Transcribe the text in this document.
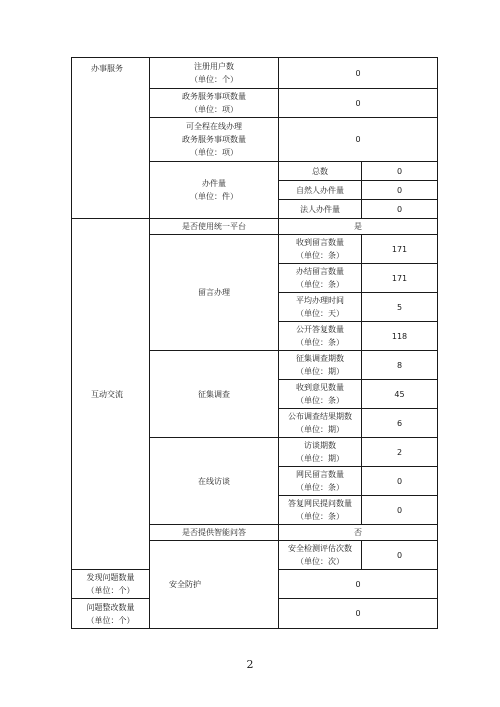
办事服务	注册用户数
（单位：个）	0	

	政务服务事项数量
（单位：项）	0	

	可全程在线办理
政务服务事项数量
（单位：项）	0	

	办件量
（单位：件）	总数	0
		自然人办件量	0
		法人办件量	0
互动交流	是否使用统一平台	是	
	留言办理	收到留言数量
（单位：条）	171

		办结留言数量
（单位：条）	171

		平均办理时间
（单位：天）	5

		公开答复数量
（单位：条）	118
	征集调查	征集调查期数
（单位：期）	8

		收到意见数量
（单位：条）	45

		公布调查结果期数
（单位：期）	6
	在线访谈	访谈期数
（单位：期）	2

		网民留言数量
（单位：条）	0

		答复网民提问数量
（单位：条）	0
	是否提供智能问答	否	
	安全防护	安全检测评估次数
（单位：次）	0

发现问题数量
（单位：个）		0	

问题整改数量
（单位：个）		0	
2
